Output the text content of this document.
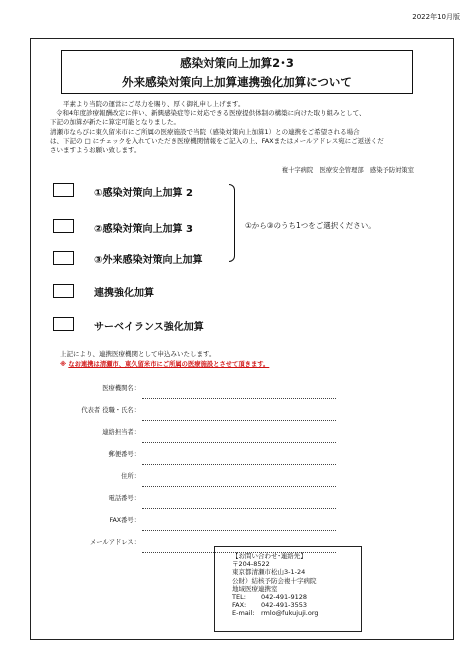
2022年10月版
感染対策向上加算2･3
外来感染対策向上加算連携強化加算について

平素より当院の運営にご尽力を賜り、厚く御礼申し上げます。

令和4年度診療報酬改定に伴い、新興感染症等に対応できる医療提供体制の構築に向けた取り組みとして、

下記の加算が新たに算定可能となりました。

清瀬市ならびに東久留米市にご所属の医療施設で当院（感染対策向上加算1）との連携をご希望される場合

は、下記の □ にチェックを入れていただき医療機関情報をご記入の上、FAXまたはメールアドレス宛にご返送くだ

さいますようお願い致します。

複十字病院　医療安全管理部　感染予防対策室
①感染対策向上加算 2
②感染対策向上加算 3
③外来感染対策向上加算
連携強化加算
サーベイランス強化加算
①から③のうち1つをご選択ください。
上記により、連携医療機関として申込みいたします。
※ なお連携は清瀬市、東久留米市にご所属の医療施設とさせて頂きます。
医療機関名：
代表者 役職・氏名：
連絡担当者：
郵便番号：
住所：
電話番号：
FAX番号：
メールアドレス：
【お問い合わせ･連絡先】
〒204-8522
東京都清瀬市松山3-1-24
公財）結核予防会複十字病院
地域医療連携室
TEL: 042-491-9128
FAX: 042-491-3553
E-mail: rmlo@fukujuji.org
